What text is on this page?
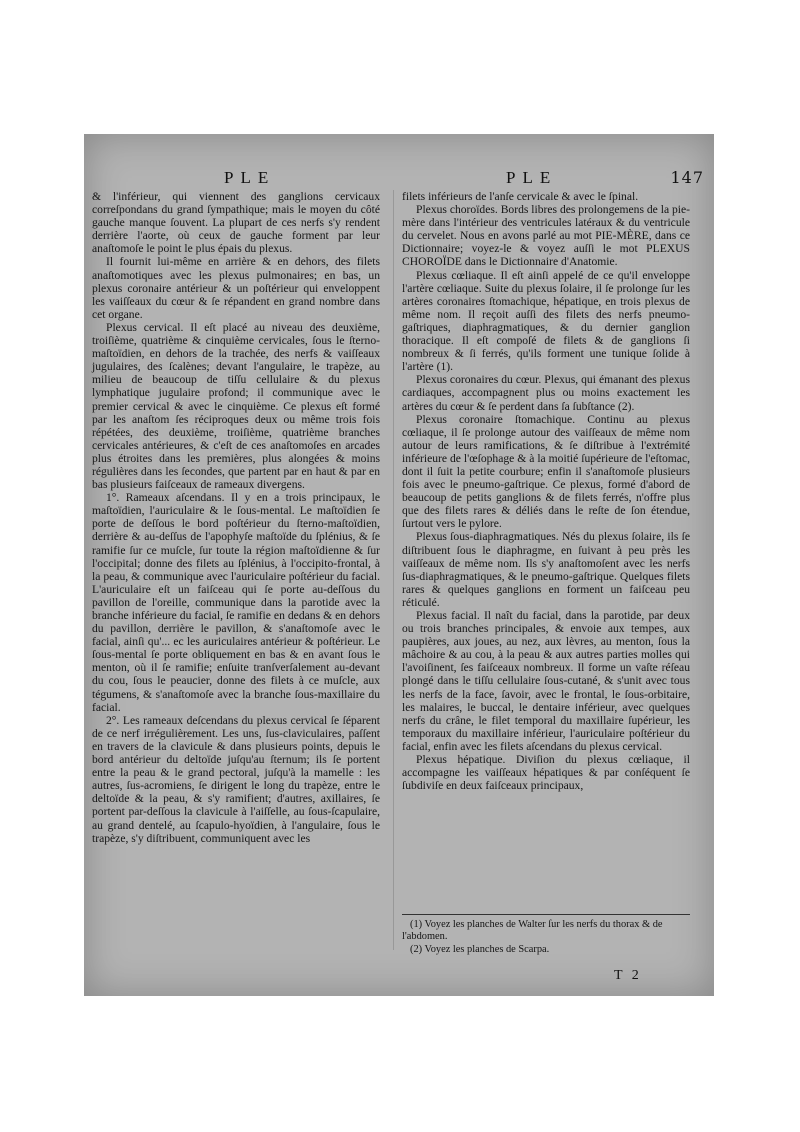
PLE	PLE	147

& l'inférieur, qui viennent des ganglions cervicaux correſpondans du grand ſympathique; mais le moyen du côté gauche manque ſouvent. La plupart de ces nerfs s'y rendent derrière l'aorte, où ceux de gauche forment par leur anaſtomoſe le point le plus épais du plexus.

Il fournit lui-même en arrière & en dehors, des filets anaſtomotiques avec les plexus pulmonaires; en bas, un plexus coronaire antérieur & un poſtérieur qui enveloppent les vaiſſeaux du cœur & ſe répandent en grand nombre dans cet organe.

Plexus cervical. Il eſt placé au niveau des deuxième, troiſième, quatrième & cinquième cervicales, ſous le ſterno-maſtoïdien, en dehors de la trachée, des nerfs & vaiſſeaux jugulaires, des ſcalènes; devant l'angulaire, le trapèze, au milieu de beaucoup de tiſſu cellulaire & du plexus lymphatique jugulaire profond; il communique avec le premier cervical & avec le cinquième. Ce plexus eſt formé par les anaſtom ſes réciproques deux ou même trois fois répétées, des deuxième, troiſième, quatrième branches cervicales antérieures, & c'eſt de ces anaſtomoſes en arcades plus étroites dans les premières, plus alongées & moins régulières dans les ſecondes, que partent par en haut & par en bas plusieurs faiſceaux de rameaux divergens.

1°. Rameaux aſcendans. Il y en a trois principaux, le maſtoïdien, l'auriculaire & le ſous-mental. Le maſtoïdien ſe porte de deſſous le bord poſtérieur du ſterno-maſtoïdien, derrière & au-deſſus de l'apophyſe maſtoïde du ſplénius, & ſe ramifie ſur ce muſcle, ſur toute la région maſtoïdienne & ſur l'occipital; donne des filets au ſplénius, à l'occipito-frontal, à la peau, & communique avec l'auriculaire poſtérieur du facial. L'auriculaire eſt un faiſceau qui ſe porte au-deſſous du pavillon de l'oreille, communique dans la parotide avec la branche inférieure du facial, ſe ramifie en dedans & en dehors du pavillon, derrière le pavillon, & s'anaſtomoſe avec le facial, ainſi qu'... ec les auriculaires antérieur & poſtérieur. Le ſous-mental ſe porte obliquement en bas & en avant ſous le menton, où il ſe ramifie; enſuite tranſverſalement au-devant du cou, ſous le peaucier, donne des filets à ce muſcle, aux tégumens, & s'anaſtomoſe avec la branche ſous-maxillaire du facial.

2°. Les rameaux deſcendans du plexus cervical ſe ſéparent de ce nerf irrégulièrement. Les uns, ſus-claviculaires, paſſent en travers de la clavicule & dans plusieurs points, depuis le bord antérieur du deltoïde juſqu'au ſternum; ils ſe portent entre la peau & le grand pectoral, juſqu'à la mamelle : les autres, ſus-acromiens, ſe dirigent le long du trapèze, entre le deltoïde & la peau, & s'y ramifient; d'autres, axillaires, ſe portent par-deſſous la clavicule à l'aiſſelle, au ſous-ſcapulaire, au grand dentelé, au ſcapulo-hyoïdien, à l'angulaire, ſous le trapèze, s'y diſtribuent, communiquent avec les

filets inférieurs de l'anſe cervicale & avec le ſpinal.

Plexus choroïdes. Bords libres des prolongemens de la pie-mère dans l'intérieur des ventricules latéraux & du ventricule du cervelet. Nous en avons parlé au mot PIE-MÈRE, dans ce Dictionnaire; voyez-le & voyez auſſi le mot PLEXUS CHOROÏDE dans le Dictionnaire d'Anatomie.

Plexus cœliaque. Il eſt ainſi appelé de ce qu'il enveloppe l'artère cœliaque. Suite du plexus ſolaire, il ſe prolonge ſur les artères coronaires ſtomachique, hépatique, en trois plexus de même nom. Il reçoit auſſi des filets des nerfs pneumo-gaſtriques, diaphragmatiques, & du dernier ganglion thoracique. Il eſt compoſé de filets & de ganglions ſi nombreux & ſi ferrés, qu'ils forment une tunique ſolide à l'artère (1).

Plexus coronaires du cœur. Plexus, qui émanant des plexus cardiaques, accompagnent plus ou moins exactement les artères du cœur & ſe perdent dans ſa ſubſtance (2).

Plexus coronaire ſtomachique. Continu au plexus cœliaque, il ſe prolonge autour des vaiſſeaux de même nom autour de leurs ramifications, & ſe diſtribue à l'extrémité inférieure de l'œſophage & à la moitié ſupérieure de l'eſtomac, dont il ſuit la petite courbure; enfin il s'anaſtomoſe plusieurs fois avec le pneumo-gaſtrique. Ce plexus, formé d'abord de beaucoup de petits ganglions & de filets ferrés, n'offre plus que des filets rares & déliés dans le reſte de ſon étendue, ſurtout vers le pylore.

Plexus ſous-diaphragmatiques. Nés du plexus ſolaire, ils ſe diſtribuent ſous le diaphragme, en ſuivant à peu près les vaiſſeaux de même nom. Ils s'y anaſtomoſent avec les nerfs ſus-diaphragmatiques, & le pneumo-gaſtrique. Quelques filets rares & quelques ganglions en forment un faiſceau peu réticulé.

Plexus facial. Il naît du facial, dans la parotide, par deux ou trois branches principales, & envoie aux tempes, aux paupières, aux joues, au nez, aux lèvres, au menton, ſous la mâchoire & au cou, à la peau & aux autres parties molles qui l'avoiſinent, ſes faiſceaux nombreux. Il forme un vaſte réſeau plongé dans le tiſſu cellulaire ſous-cutané, & s'unit avec tous les nerfs de la face, ſavoir, avec le frontal, le ſous-orbitaire, les malaires, le buccal, le dentaire inférieur, avec quelques nerfs du crâne, le filet temporal du maxillaire ſupérieur, les temporaux du maxillaire inférieur, l'auriculaire poſtérieur du facial, enfin avec les filets aſcendans du plexus cervical.

Plexus hépatique. Diviſion du plexus cœliaque, il accompagne les vaiſſeaux hépatiques & par conſéquent ſe ſubdiviſe en deux faiſceaux principaux,

(1) Voyez les planches de Walter ſur les nerfs du thorax & de l'abdomen.

(2) Voyez les planches de Scarpa.

T 2
